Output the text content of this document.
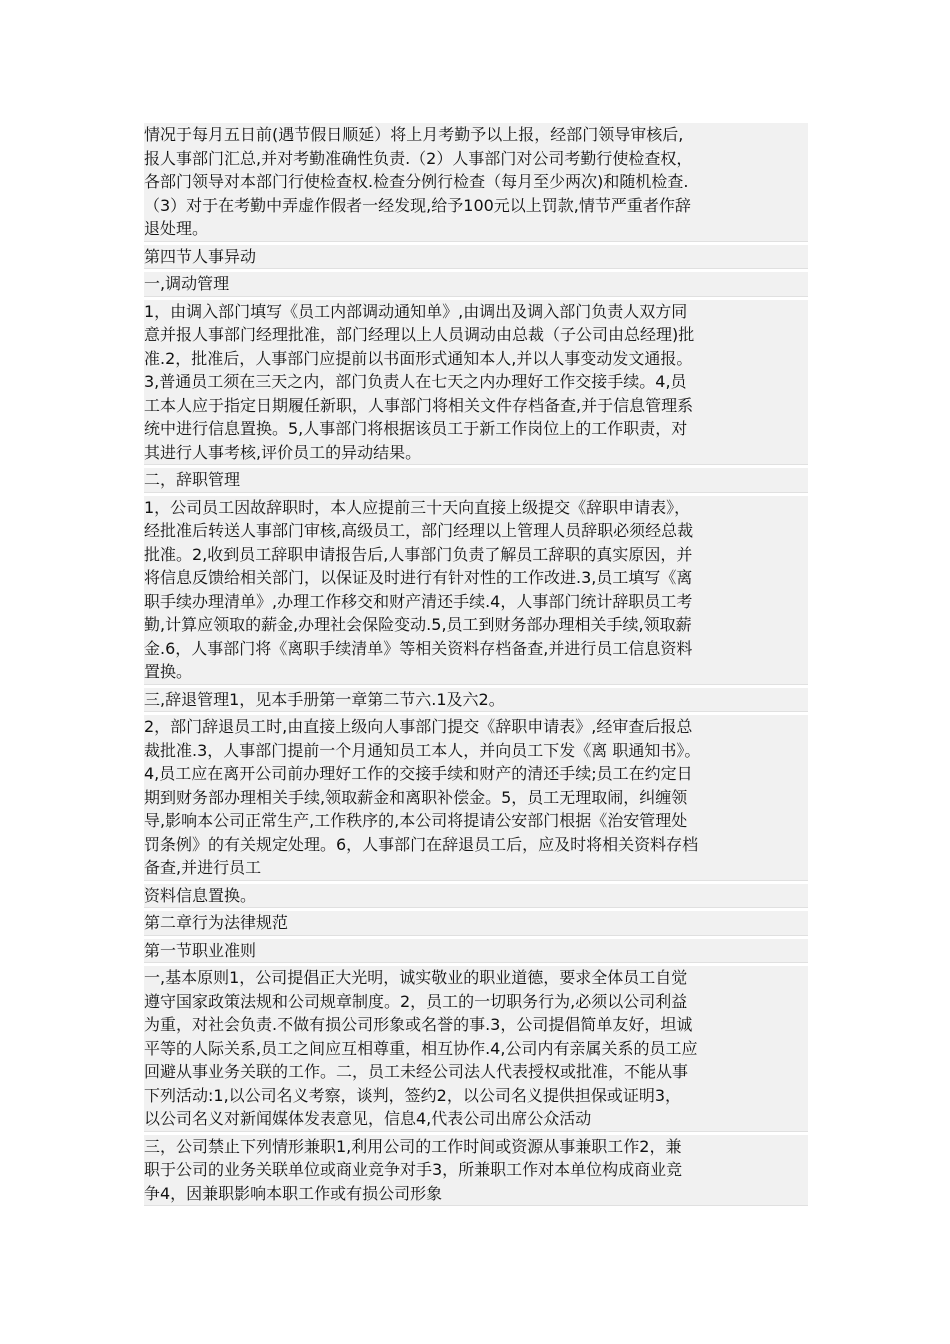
情况于每月五日前(遇节假日顺延）将上月考勤予以上报，经部门领导审核后,
报人事部门汇总,并对考勤准确性负责.（2）人事部门对公司考勤行使检查权，
各部门领导对本部门行使检查权.检查分例行检查（每月至少两次)和随机检查.
（3）对于在考勤中弄虚作假者一经发现,给予100元以上罚款,情节严重者作辞
退处理。
第四节人事异动
一,调动管理
1，由调入部门填写《员工内部调动通知单》,由调出及调入部门负责人双方同
意并报人事部门经理批准，部门经理以上人员调动由总裁（子公司由总经理)批
准.2，批准后，人事部门应提前以书面形式通知本人,并以人事变动发文通报。
3,普通员工须在三天之内，部门负责人在七天之内办理好工作交接手续。4,员
工本人应于指定日期履任新职，人事部门将相关文件存档备查,并于信息管理系
统中进行信息置换。5,人事部门将根据该员工于新工作岗位上的工作职责，对
其进行人事考核,评价员工的异动结果。
二，辞职管理
1，公司员工因故辞职时，本人应提前三十天向直接上级提交《辞职申请表》，
经批准后转送人事部门审核,高级员工，部门经理以上管理人员辞职必须经总裁
批准。2,收到员工辞职申请报告后,人事部门负责了解员工辞职的真实原因，并
将信息反馈给相关部门，以保证及时进行有针对性的工作改进.3,员工填写《离
职手续办理清单》,办理工作移交和财产清还手续.4，人事部门统计辞职员工考
勤,计算应领取的薪金,办理社会保险变动.5,员工到财务部办理相关手续,领取薪
金.6，人事部门将《离职手续清单》等相关资料存档备查,并进行员工信息资料
置换。
三,辞退管理1，见本手册第一章第二节六.1及六2。
2，部门辞退员工时,由直接上级向人事部门提交《辞职申请表》,经审查后报总
裁批准.3，人事部门提前一个月通知员工本人，并向员工下发《离 职通知书》。
4,员工应在离开公司前办理好工作的交接手续和财产的清还手续;员工在约定日
期到财务部办理相关手续,领取薪金和离职补偿金。5，员工无理取闹，纠缠领
导,影响本公司正常生产,工作秩序的,本公司将提请公安部门根据《治安管理处
罚条例》的有关规定处理。6，人事部门在辞退员工后，应及时将相关资料存档
备查,并进行员工
资料信息置换。
第二章行为法律规范
第一节职业准则
一,基本原则1，公司提倡正大光明，诚实敬业的职业道德，要求全体员工自觉
遵守国家政策法规和公司规章制度。2，员工的一切职务行为,必须以公司利益
为重，对社会负责.不做有损公司形象或名誉的事.3，公司提倡简单友好，坦诚
平等的人际关系,员工之间应互相尊重，相互协作.4,公司内有亲属关系的员工应
回避从事业务关联的工作。二，员工未经公司法人代表授权或批准，不能从事
下列活动:1,以公司名义考察，谈判，签约2，以公司名义提供担保或证明3，
以公司名义对新闻媒体发表意见，信息4,代表公司出席公众活动
三，公司禁止下列情形兼职1,利用公司的工作时间或资源从事兼职工作2，兼
职于公司的业务关联单位或商业竞争对手3，所兼职工作对本单位构成商业竞
争4，因兼职影响本职工作或有损公司形象
